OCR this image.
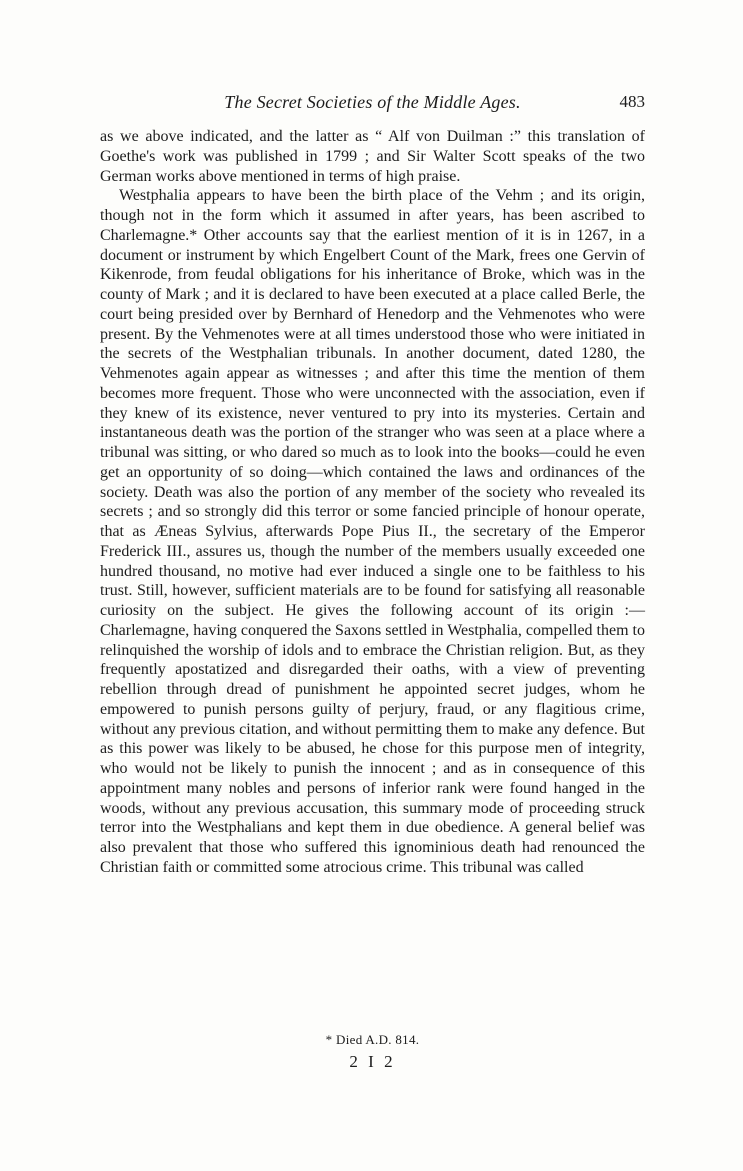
The Secret Societies of the Middle Ages.	483

as we above indicated, and the latter as “ Alf von Duilman :” this translation of Goethe's work was published in 1799 ; and Sir Walter Scott speaks of the two German works above mentioned in terms of high praise.

Westphalia appears to have been the birth place of the Vehm ; and its origin, though not in the form which it assumed in after years, has been ascribed to Charlemagne.* Other accounts say that the earliest mention of it is in 1267, in a document or instrument by which Engelbert Count of the Mark, frees one Gervin of Kikenrode, from feudal obligations for his inheritance of Broke, which was in the county of Mark ; and it is declared to have been executed at a place called Berle, the court being presided over by Bernhard of Henedorp and the Vehmenotes who were present. By the Vehmenotes were at all times understood those who were initiated in the secrets of the Westphalian tribunals. In another document, dated 1280, the Vehmenotes again appear as witnesses ; and after this time the mention of them becomes more frequent. Those who were unconnected with the association, even if they knew of its existence, never ventured to pry into its mysteries. Certain and instantaneous death was the portion of the stranger who was seen at a place where a tribunal was sitting, or who dared so much as to look into the books—could he even get an opportunity of so doing—which contained the laws and ordinances of the society. Death was also the portion of any member of the society who revealed its secrets ; and so strongly did this terror or some fancied principle of honour operate, that as Æneas Sylvius, afterwards Pope Pius II., the secretary of the Emperor Frederick III., assures us, though the number of the members usually exceeded one hundred thousand, no motive had ever induced a single one to be faithless to his trust. Still, however, sufficient materials are to be found for satisfying all reasonable curiosity on the subject. He gives the following account of its origin :—Charlemagne, having conquered the Saxons settled in Westphalia, compelled them to relinquished the worship of idols and to embrace the Christian religion. But, as they frequently apostatized and disregarded their oaths, with a view of preventing rebellion through dread of punishment he appointed secret judges, whom he empowered to punish persons guilty of perjury, fraud, or any flagitious crime, without any previous citation, and without permitting them to make any defence. But as this power was likely to be abused, he chose for this purpose men of integrity, who would not be likely to punish the innocent ; and as in consequence of this appointment many nobles and persons of inferior rank were found hanged in the woods, without any previous accusation, this summary mode of proceeding struck terror into the Westphalians and kept them in due obedience. A general belief was also prevalent that those who suffered this ignominious death had renounced the Christian faith or committed some atrocious crime. This tribunal was called

* Died A.D. 814.
2 I 2
